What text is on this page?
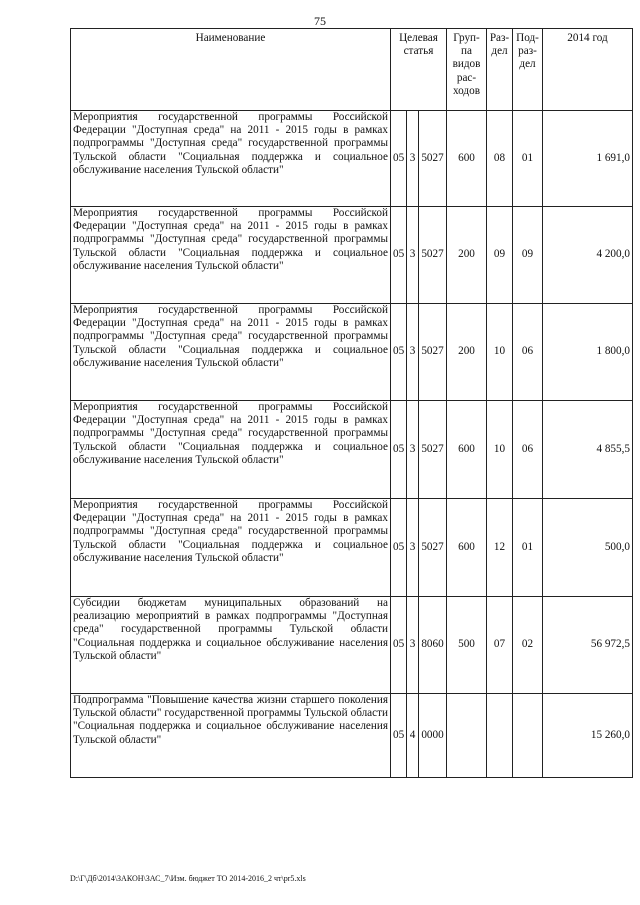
75
Наименование	Целевая статья			Груп- па видов рас- ходов	Раз- дел	Под- раз- дел	2014 год
Мероприятия государственной программы Российской Федерации "Доступная среда" на 2011 - 2015 годы в рамках подпрограммы "Доступная среда" государственной программы Тульской области "Социальная поддержка и социальное обслуживание населения Тульской области"	05	3	5027	600	08	01	1 691,0
Мероприятия государственной программы Российской Федерации "Доступная среда" на 2011 - 2015 годы в рамках подпрограммы "Доступная среда" государственной программы Тульской области "Социальная поддержка и социальное обслуживание населения Тульской области"	05	3	5027	200	09	09	4 200,0
Мероприятия государственной программы Российской Федерации "Доступная среда" на 2011 - 2015 годы в рамках подпрограммы "Доступная среда" государственной программы Тульской области "Социальная поддержка и социальное обслуживание населения Тульской области"	05	3	5027	200	10	06	1 800,0
Мероприятия государственной программы Российской Федерации "Доступная среда" на 2011 - 2015 годы в рамках подпрограммы "Доступная среда" государственной программы Тульской области "Социальная поддержка и социальное обслуживание населения Тульской области"	05	3	5027	600	10	06	4 855,5
Мероприятия государственной программы Российской Федерации "Доступная среда" на 2011 - 2015 годы в рамках подпрограммы "Доступная среда" государственной программы Тульской области "Социальная поддержка и социальное обслуживание населения Тульской области"	05	3	5027	600	12	01	500,0
Субсидии бюджетам муниципальных образований на реализацию мероприятий в рамках подпрограммы "Доступная среда" государственной программы Тульской области "Социальная поддержка и социальное обслуживание населения Тульской области"	05	3	8060	500	07	02	56 972,5
Подпрограмма "Повышение качества жизни старшего поколения Тульской области" государственной программы Тульской области "Социальная поддержка и социальное обслуживание населения Тульской области"	05	4	0000				15 260,0
D:\Г\Дб\2014\ЗАКОН\ЗАС_7\Изм. бюджет ТО 2014-2016_2 чт\pr5.xls
